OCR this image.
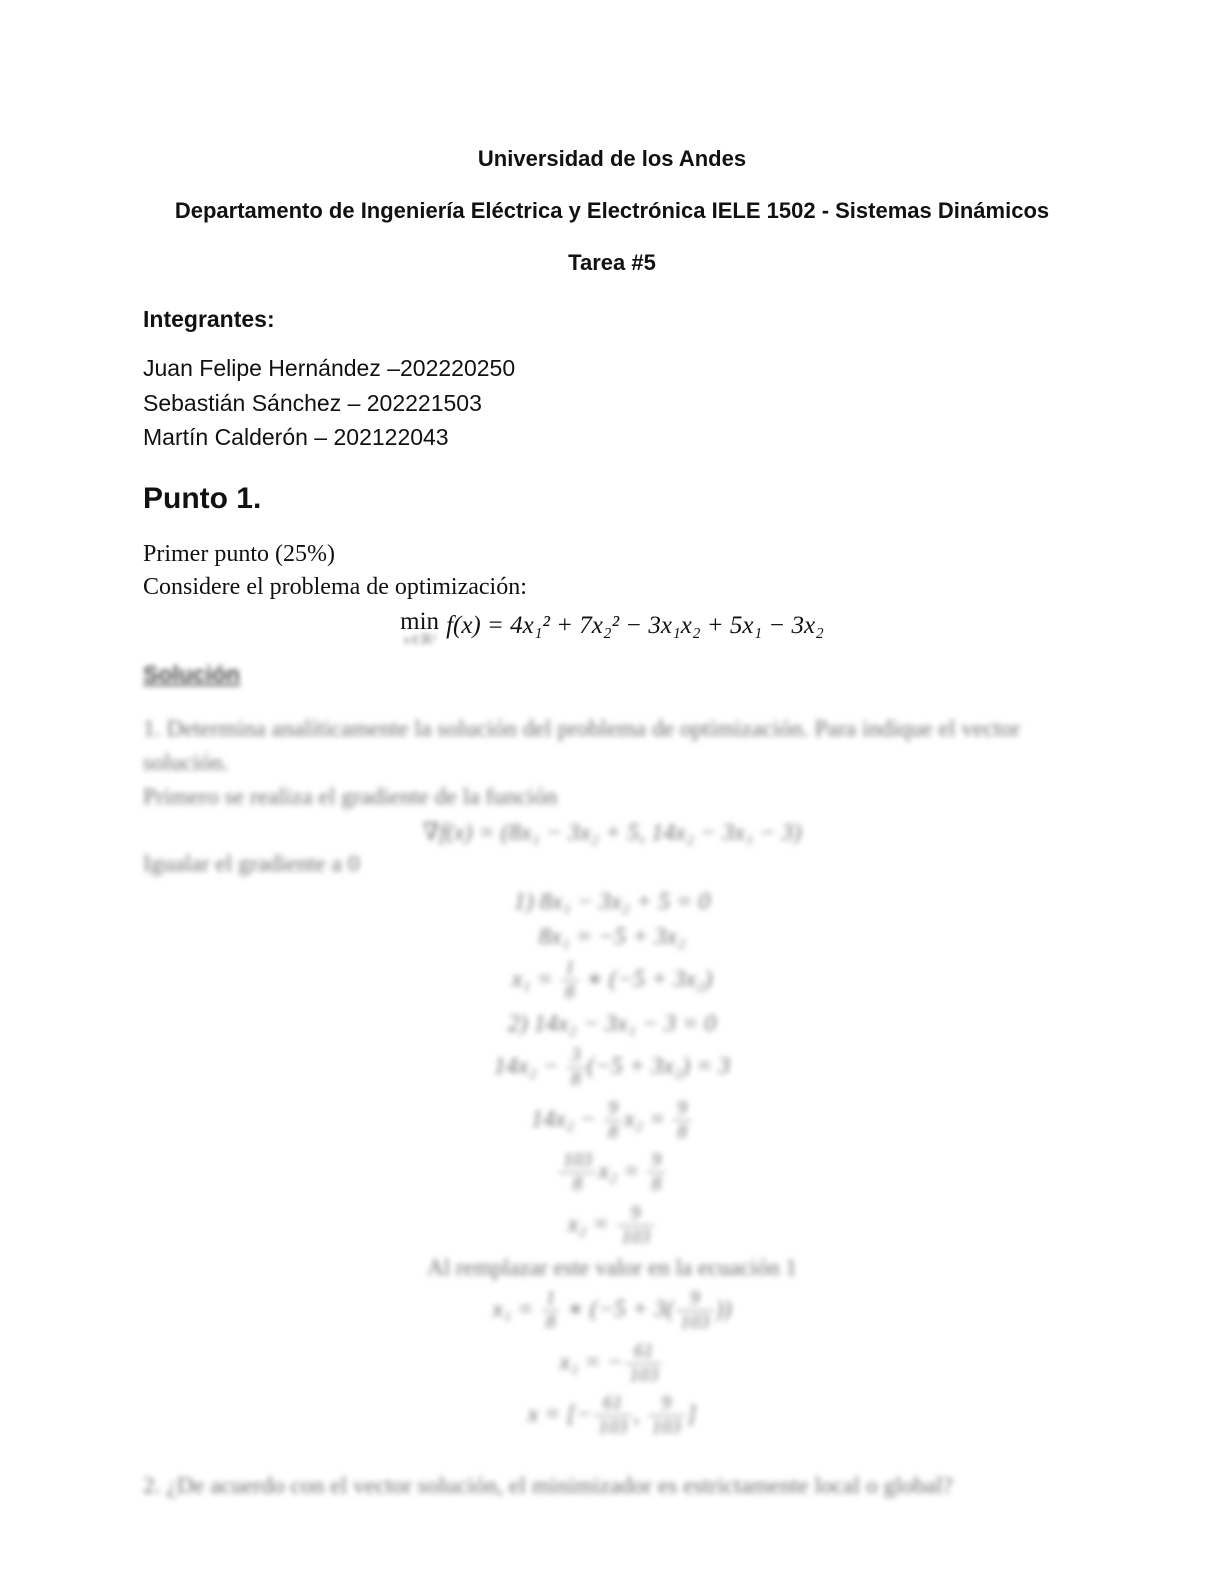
Universidad de los Andes
Departamento de Ingeniería Eléctrica y Electrónica IELE 1502 - Sistemas Dinámicos
Tarea #5
Integrantes:
Juan Felipe Hernández –202220250
Sebastián Sánchez – 202221503
Martín Calderón – 202122043
Punto 1.
Primer punto (25%)
Considere el problema de optimización:
min
x∈ℝ²
f(x) = 4x₁² + 7x₂² − 3x₁x₂ + 5x₁ − 3x₂
Solución
1. Determina analíticamente la solución del problema de optimización. Para indique el vector solución.
Primero se realiza el gradiente de la función
∇f(x) = (8x₁ − 3x₂ + 5, 14x₂ − 3x₁ − 3)
Igualar el gradiente a 0
1) 8x₁ − 3x₂ + 5 = 0
8x₁ = −5 + 3x₂
$x_1 = \frac{1}{8}$ ∗ (−5 + 3x₂)
2) 14x₂ − 3x₁ − 3 = 0
$14x_2 - \frac{3}{8} (-5 + 3x_2) = 3$
$14x_2 - \frac{9}{8} x_2 = \frac{9}{8}$
$\frac{103}{8} x_2 = \frac{9}{8}$
$x_2 = \frac{9}{103}$
Al remplazar este valor en la ecuación 1
$x_1 = \frac{1}{8}$ ∗ ($-5 + 3( \frac{9}{103}$ ))
x₁ = − $\frac{61}{103}$
x = [− $\frac{61}{103}$ , $\frac{9}{103}$ ]
2. ¿De acuerdo con el vector solución, el minimizador es estrictamente local o global?
